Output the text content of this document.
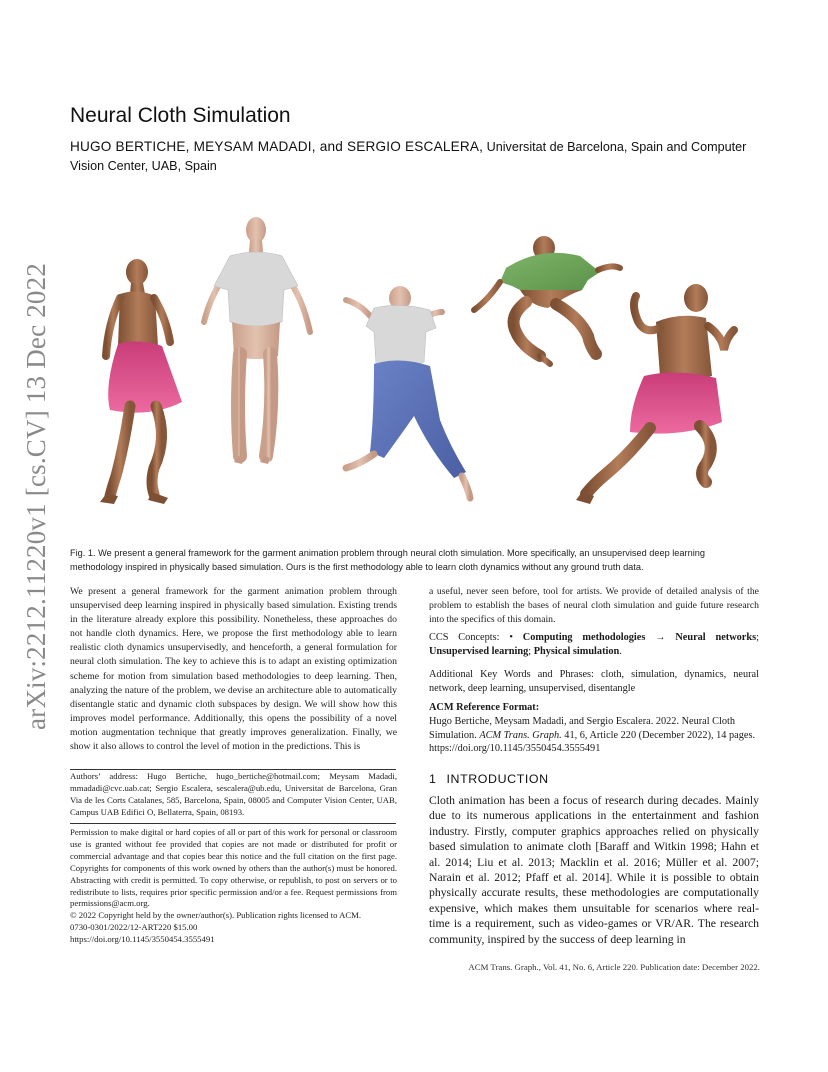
arXiv:2212.11220v1 [cs.CV] 13 Dec 2022
Neural Cloth Simulation
HUGO BERTICHE, MEYSAM MADADI, and SERGIO ESCALERA, Universitat de Barcelona, Spain and Computer Vision Center, UAB, Spain
Fig. 1. We present a general framework for the garment animation problem through neural cloth simulation. More specifically, an unsupervised deep learning methodology inspired in physically based simulation. Ours is the first methodology able to learn cloth dynamics without any ground truth data.
We present a general framework for the garment animation problem through unsupervised deep learning inspired in physically based simulation. Existing trends in the literature already explore this possibility. Nonetheless, these approaches do not handle cloth dynamics. Here, we propose the first methodology able to learn realistic cloth dynamics unsupervisedly, and henceforth, a general formulation for neural cloth simulation. The key to achieve this is to adapt an existing optimization scheme for motion from simulation based methodologies to deep learning. Then, analyzing the nature of the problem, we devise an architecture able to automatically disentangle static and dynamic cloth subspaces by design. We will show how this improves model performance. Additionally, this opens the possibility of a novel motion augmentation technique that greatly improves generalization. Finally, we show it also allows to control the level of motion in the predictions. This is
a useful, never seen before, tool for artists. We provide of detailed analysis of the problem to establish the bases of neural cloth simulation and guide future research into the specifics of this domain.
CCS Concepts: • Computing methodologies → Neural networks; Unsupervised learning; Physical simulation.
Additional Key Words and Phrases: cloth, simulation, dynamics, neural network, deep learning, unsupervised, disentangle
ACM Reference Format:
Hugo Bertiche, Meysam Madadi, and Sergio Escalera. 2022. Neural Cloth Simulation. ACM Trans. Graph. 41, 6, Article 220 (December 2022), 14 pages.
https://doi.org/10.1145/3550454.3555491
Authors’ address: Hugo Bertiche, hugo_bertiche@hotmail.com; Meysam Madadi, mmadadi@cvc.uab.cat; Sergio Escalera, sescalera@ub.edu, Universitat de Barcelona, Gran Via de les Corts Catalanes, 585, Barcelona, Spain, 08005 and Computer Vision Center, UAB, Campus UAB Edifici O, Bellaterra, Spain, 08193.
Permission to make digital or hard copies of all or part of this work for personal or classroom use is granted without fee provided that copies are not made or distributed for profit or commercial advantage and that copies bear this notice and the full citation on the first page. Copyrights for components of this work owned by others than the author(s) must be honored. Abstracting with credit is permitted. To copy otherwise, or republish, to post on servers or to redistribute to lists, requires prior specific permission and/or a fee. Request permissions from permissions@acm.org.
© 2022 Copyright held by the owner/author(s). Publication rights licensed to ACM.
0730-0301/2022/12-ART220 $15.00
https://doi.org/10.1145/3550454.3555491
1 INTRODUCTION
Cloth animation has been a focus of research during decades. Mainly due to its numerous applications in the entertainment and fashion industry. Firstly, computer graphics approaches relied on physically based simulation to animate cloth [Baraff and Witkin 1998; Hahn et al. 2014; Liu et al. 2013; Macklin et al. 2016; Müller et al. 2007; Narain et al. 2012; Pfaff et al. 2014]. While it is possible to obtain physically accurate results, these methodologies are computationally expensive, which makes them unsuitable for scenarios where real-time is a requirement, such as video-games or VR/AR. The research community, inspired by the success of deep learning in
ACM Trans. Graph., Vol. 41, No. 6, Article 220. Publication date: December 2022.
